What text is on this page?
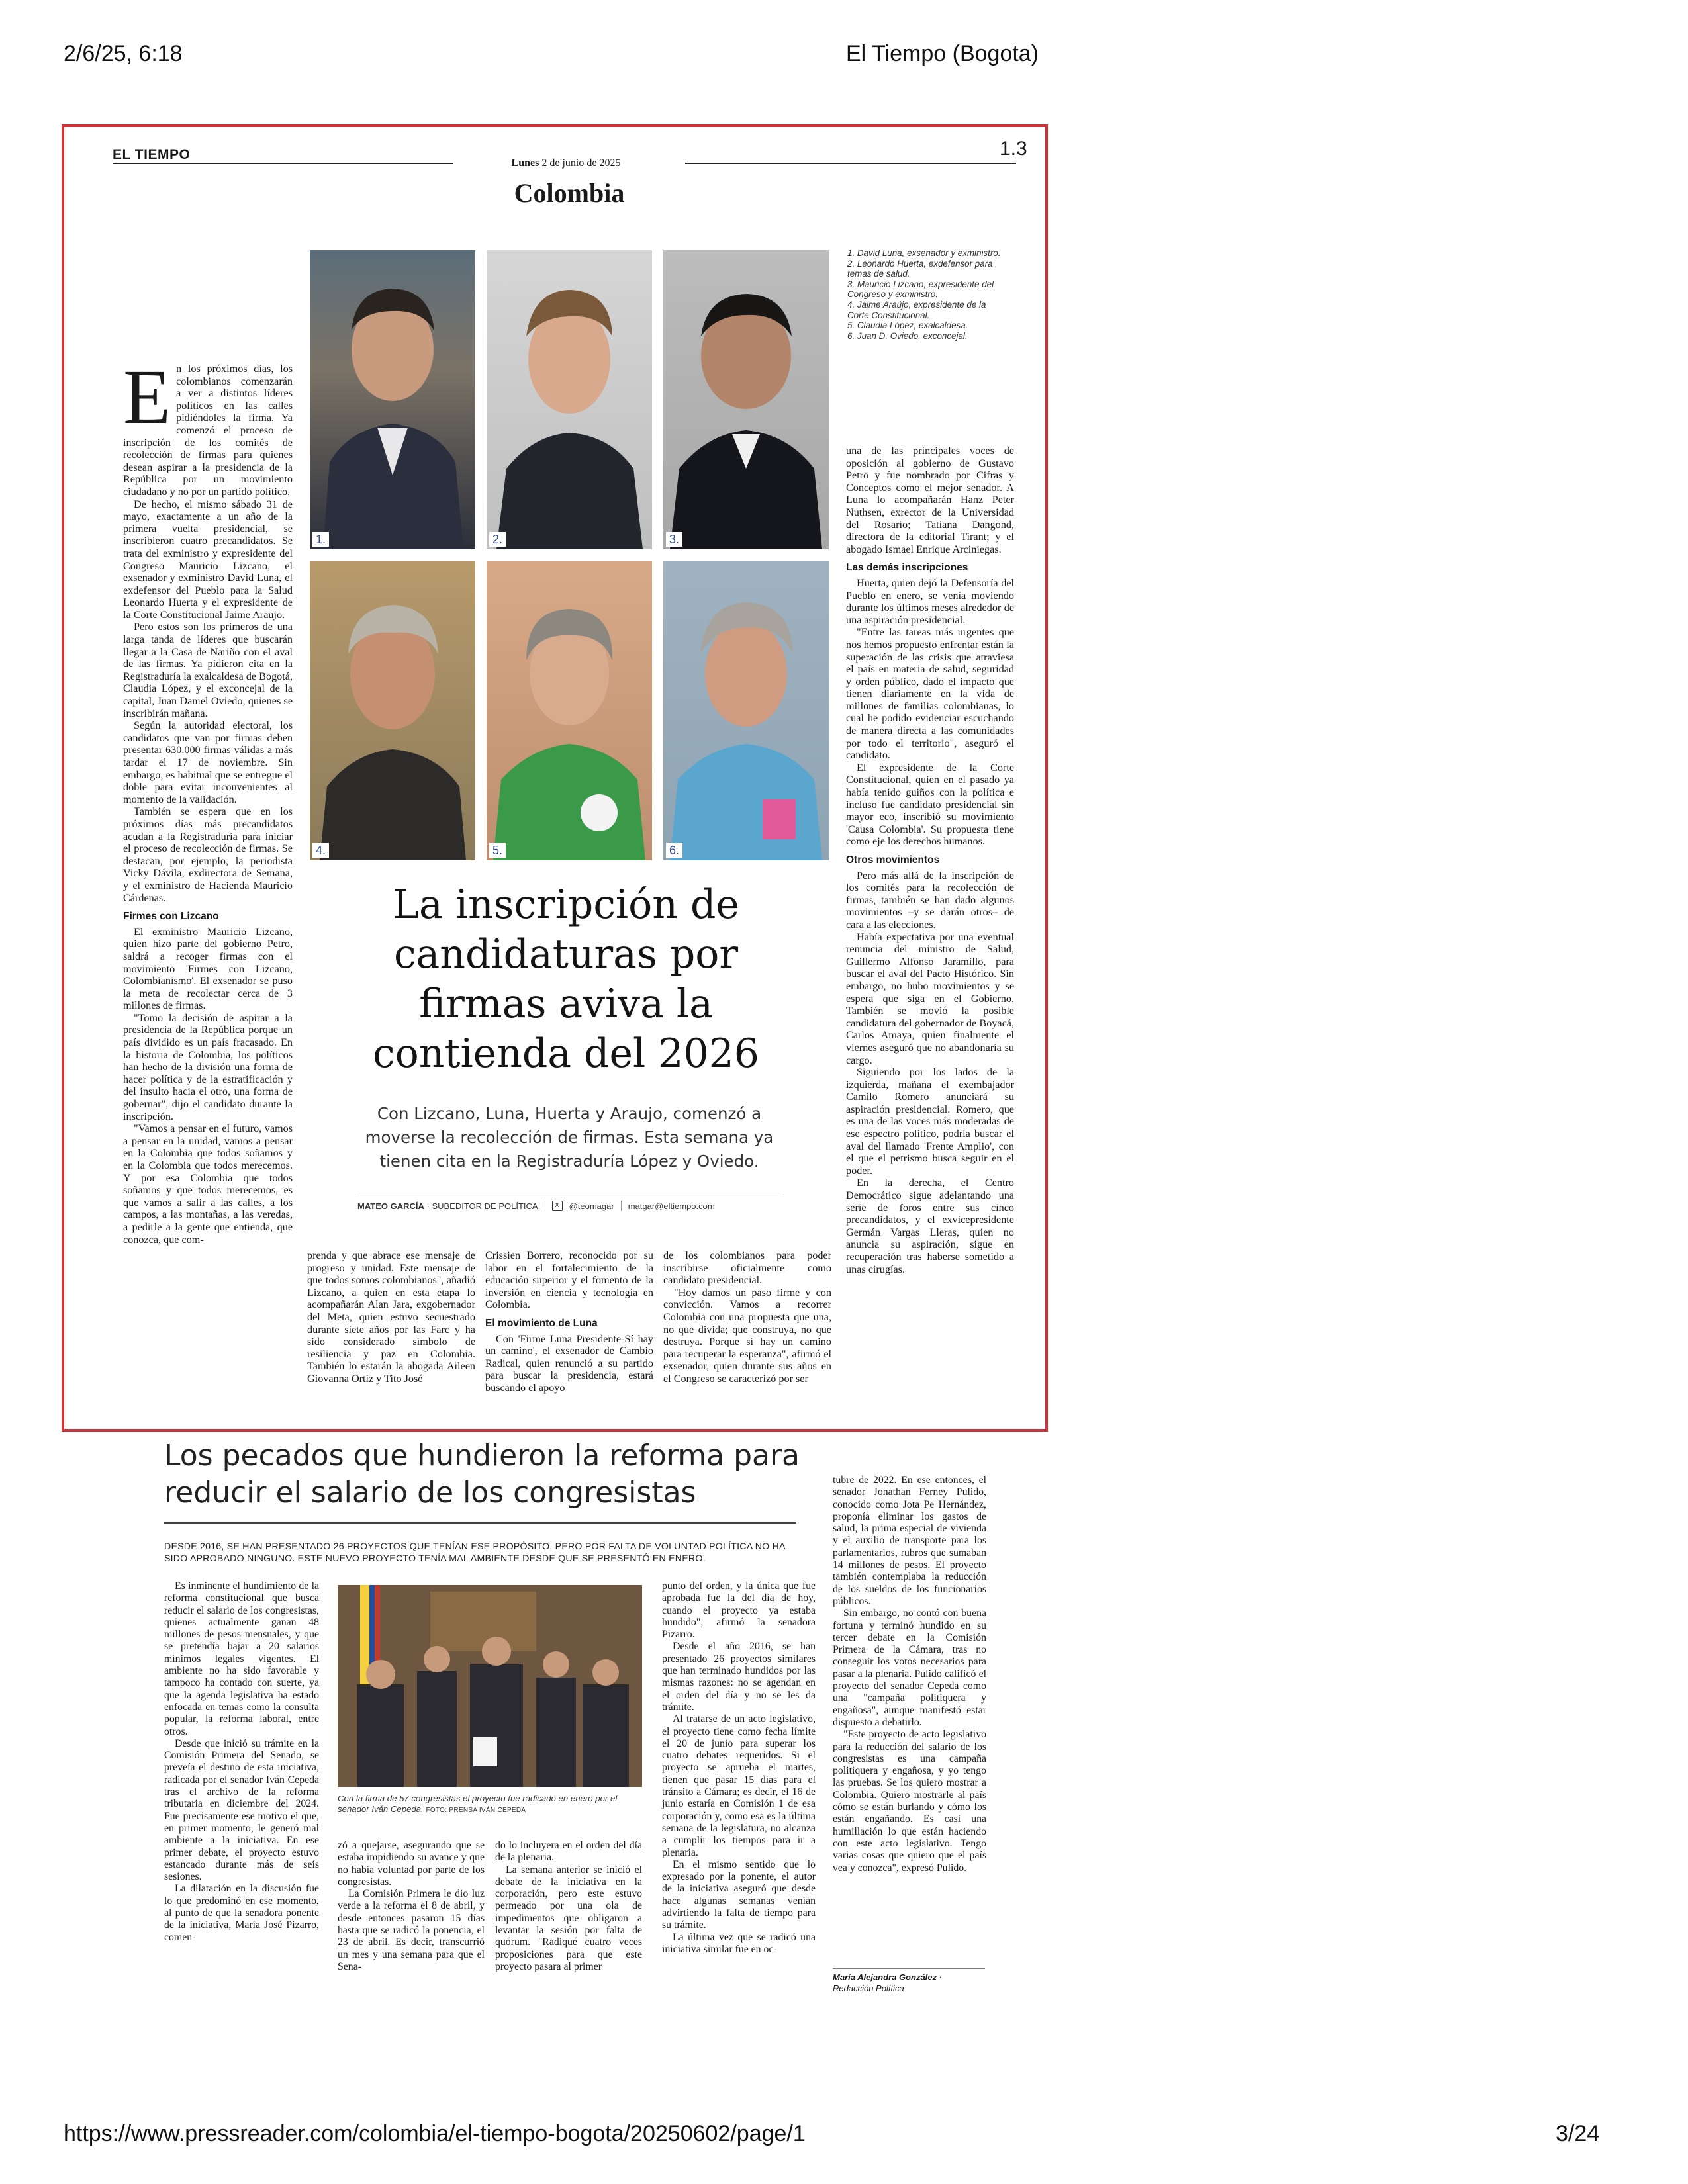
2/6/25, 6:18	El Tiempo (Bogota)
EL TIEMPO	1.3
Lunes 2 de junio de 2025
Colombia
1.	2.	3.
4.	5.	6.
1. David Luna, exsenador y exministro.
2. Leonardo Huerta, exdefensor para temas de salud.
3. Mauricio Lizcano, expresidente del Congreso y exministro.
4. Jaime Araújo, expresidente de la Corte Constitucional.
5. Claudia López, exalcaldesa.
6. Juan D. Oviedo, exconcejal.

En los próximos días, los colombianos comenzarán a ver a distintos líderes políticos en las calles pidiéndoles la firma. Ya comenzó el proceso de inscripción de los comités de recolección de firmas para quienes desean aspirar a la presidencia de la República por un movimiento ciudadano y no por un partido político.

De hecho, el mismo sábado 31 de mayo, exactamente a un año de la primera vuelta presidencial, se inscribieron cuatro precandidatos. Se trata del exministro y expresidente del Congreso Mauricio Lizcano, el exsenador y exministro David Luna, el exdefensor del Pueblo para la Salud Leonardo Huerta y el expresidente de la Corte Constitucional Jaime Araujo.

Pero estos son los primeros de una larga tanda de líderes que buscarán llegar a la Casa de Nariño con el aval de las firmas. Ya pidieron cita en la Registraduría la exalcaldesa de Bogotá, Claudia López, y el exconcejal de la capital, Juan Daniel Oviedo, quienes se inscribirán mañana.

Según la autoridad electoral, los candidatos que van por firmas deben presentar 630.000 firmas válidas a más tardar el 17 de noviembre. Sin embargo, es habitual que se entregue el doble para evitar inconvenientes al momento de la validación.

También se espera que en los próximos días más precandidatos acudan a la Registraduría para iniciar el proceso de recolección de firmas. Se destacan, por ejemplo, la periodista Vicky Dávila, exdirectora de Semana, y el exministro de Hacienda Mauricio Cárdenas.

Firmes con Lizcano

El exministro Mauricio Lizcano, quien hizo parte del gobierno Petro, saldrá a recoger firmas con el movimiento 'Firmes con Lizcano, Colombianismo'. El exsenador se puso la meta de recolectar cerca de 3 millones de firmas.

"Tomo la decisión de aspirar a la presidencia de la República porque un país dividido es un país fracasado. En la historia de Colombia, los políticos han hecho de la división una forma de hacer política y de la estratificación y del insulto hacia el otro, una forma de gobernar", dijo el candidato durante la inscripción.

"Vamos a pensar en el futuro, vamos a pensar en la unidad, vamos a pensar en la Colombia que todos soñamos y en la Colombia que todos merecemos. Y por esa Colombia que todos soñamos y que todos merecemos, es que vamos a salir a las calles, a los campos, a las montañas, a las veredas, a pedirle a la gente que entienda, que conozca, que com-

La inscripción de candidaturas por firmas aviva la contienda del 2026
Con Lizcano, Luna, Huerta y Araujo, comenzó a moverse la recolección de firmas. Esta semana ya tienen cita en la Registraduría López y Oviedo.
MATEO GARCÍA · SUBEDITOR DE POLÍTICA	X	@teomagar matgar@eltiempo.com

prenda y que abrace ese mensaje de progreso y unidad. Este mensaje de que todos somos colombianos", añadió Lizcano, a quien en esta etapa lo acompañarán Alan Jara, exgobernador del Meta, quien estuvo secuestrado durante siete años por las Farc y ha sido considerado símbolo de resiliencia y paz en Colombia. También lo estarán la abogada Aileen Giovanna Ortiz y Tito José

Crissien Borrero, reconocido por su labor en el fortalecimiento de la educación superior y el fomento de la inversión en ciencia y tecnología en Colombia.

El movimiento de Luna

Con 'Firme Luna Presidente-Sí hay un camino', el exsenador de Cambio Radical, quien renunció a su partido para buscar la presidencia, estará buscando el apoyo

de los colombianos para poder inscribirse oficialmente como candidato presidencial.

"Hoy damos un paso firme y con convicción. Vamos a recorrer Colombia con una propuesta que una, no que divida; que construya, no que destruya. Porque sí hay un camino para recuperar la esperanza", afirmó el exsenador, quien durante sus años en el Congreso se caracterizó por ser

una de las principales voces de oposición al gobierno de Gustavo Petro y fue nombrado por Cifras y Conceptos como el mejor senador. A Luna lo acompañarán Hanz Peter Nuthsen, exrector de la Universidad del Rosario; Tatiana Dangond, directora de la editorial Tirant; y el abogado Ismael Enrique Arciniegas.

Las demás inscripciones

Huerta, quien dejó la Defensoría del Pueblo en enero, se venía moviendo durante los últimos meses alrededor de una aspiración presidencial.

"Entre las tareas más urgentes que nos hemos propuesto enfrentar están la superación de las crisis que atraviesa el país en materia de salud, seguridad y orden público, dado el impacto que tienen diariamente en la vida de millones de familias colombianas, lo cual he podido evidenciar escuchando de manera directa a las comunidades por todo el territorio", aseguró el candidato.

El expresidente de la Corte Constitucional, quien en el pasado ya había tenido guiños con la política e incluso fue candidato presidencial sin mayor eco, inscribió su movimiento 'Causa Colombia'. Su propuesta tiene como eje los derechos humanos.

Otros movimientos

Pero más allá de la inscripción de los comités para la recolección de firmas, también se han dado algunos movimientos –y se darán otros– de cara a las elecciones.

Había expectativa por una eventual renuncia del ministro de Salud, Guillermo Alfonso Jaramillo, para buscar el aval del Pacto Histórico. Sin embargo, no hubo movimientos y se espera que siga en el Gobierno. También se movió la posible candidatura del gobernador de Boyacá, Carlos Amaya, quien finalmente el viernes aseguró que no abandonaría su cargo.

Siguiendo por los lados de la izquierda, mañana el exembajador Camilo Romero anunciará su aspiración presidencial. Romero, que es una de las voces más moderadas de ese espectro político, podría buscar el aval del llamado 'Frente Amplio', con el que el petrismo busca seguir en el poder.

En la derecha, el Centro Democrático sigue adelantando una serie de foros entre sus cinco precandidatos, y el exvicepresidente Germán Vargas Lleras, quien no anuncia su aspiración, sigue en recuperación tras haberse sometido a unas cirugías.

Los pecados que hundieron la reforma para reducir el salario de los congresistas
DESDE 2016, SE HAN PRESENTADO 26 PROYECTOS QUE TENÍAN ESE PROPÓSITO, PERO POR FALTA DE VOLUNTAD POLÍTICA NO HA SIDO APROBADO NINGUNO. ESTE NUEVO PROYECTO TENÍA MAL AMBIENTE DESDE QUE SE PRESENTÓ EN ENERO.

Es inminente el hundimiento de la reforma constitucional que busca reducir el salario de los congresistas, quienes actualmente ganan 48 millones de pesos mensuales, y que se pretendía bajar a 20 salarios mínimos legales vigentes. El ambiente no ha sido favorable y tampoco ha contado con suerte, ya que la agenda legislativa ha estado enfocada en temas como la consulta popular, la reforma laboral, entre otros.

Desde que inició su trámite en la Comisión Primera del Senado, se preveía el destino de esta iniciativa, radicada por el senador Iván Cepeda tras el archivo de la reforma tributaria en diciembre del 2024. Fue precisamente ese motivo el que, en primer momento, le generó mal ambiente a la iniciativa. En ese primer debate, el proyecto estuvo estancado durante más de seis sesiones.

La dilatación en la discusión fue lo que predominó en ese momento, al punto de que la senadora ponente de la iniciativa, María José Pizarro, comen-

Con la firma de 57 congresistas el proyecto fue radicado en enero por el senador Iván Cepeda. FOTO: PRENSA IVÁN CEPEDA

zó a quejarse, asegurando que se estaba impidiendo su avance y que no había voluntad por parte de los congresistas.

La Comisión Primera le dio luz verde a la reforma el 8 de abril, y desde entonces pasaron 15 días hasta que se radicó la ponencia, el 23 de abril. Es decir, transcurrió un mes y una semana para que el Sena-

do lo incluyera en el orden del día de la plenaria.

La semana anterior se inició el debate de la iniciativa en la corporación, pero este estuvo permeado por una ola de impedimentos que obligaron a levantar la sesión por falta de quórum. "Radiqué cuatro veces proposiciones para que este proyecto pasara al primer

punto del orden, y la única que fue aprobada fue la del día de hoy, cuando el proyecto ya estaba hundido", afirmó la senadora Pizarro.

Desde el año 2016, se han presentado 26 proyectos similares que han terminado hundidos por las mismas razones: no se agendan en el orden del día y no se les da trámite.

Al tratarse de un acto legislativo, el proyecto tiene como fecha límite el 20 de junio para superar los cuatro debates requeridos. Si el proyecto se aprueba el martes, tienen que pasar 15 días para el tránsito a Cámara; es decir, el 16 de junio estaría en Comisión 1 de esa corporación y, como esa es la última semana de la legislatura, no alcanza a cumplir los tiempos para ir a plenaria.

En el mismo sentido que lo expresado por la ponente, el autor de la iniciativa aseguró que desde hace algunas semanas venían advirtiendo la falta de tiempo para su trámite.

La última vez que se radicó una iniciativa similar fue en oc-

tubre de 2022. En ese entonces, el senador Jonathan Ferney Pulido, conocido como Jota Pe Hernández, proponía eliminar los gastos de salud, la prima especial de vivienda y el auxilio de transporte para los parlamentarios, rubros que sumaban 14 millones de pesos. El proyecto también contemplaba la reducción de los sueldos de los funcionarios públicos.

Sin embargo, no contó con buena fortuna y terminó hundido en su tercer debate en la Comisión Primera de la Cámara, tras no conseguir los votos necesarios para pasar a la plenaria. Pulido calificó el proyecto del senador Cepeda como una "campaña politiquera y engañosa", aunque manifestó estar dispuesto a debatirlo.

"Este proyecto de acto legislativo para la reducción del salario de los congresistas es una campaña politiquera y engañosa, y yo tengo las pruebas. Se los quiero mostrar a Colombia. Quiero mostrarle al país cómo se están burlando y cómo los están engañando. Es casi una humillación lo que están haciendo con este acto legislativo. Tengo varias cosas que quiero que el país vea y conozca", expresó Pulido.

María Alejandra González ·
Redacción Política
https://www.pressreader.com/colombia/el-tiempo-bogota/20250602/page/1	3/24
